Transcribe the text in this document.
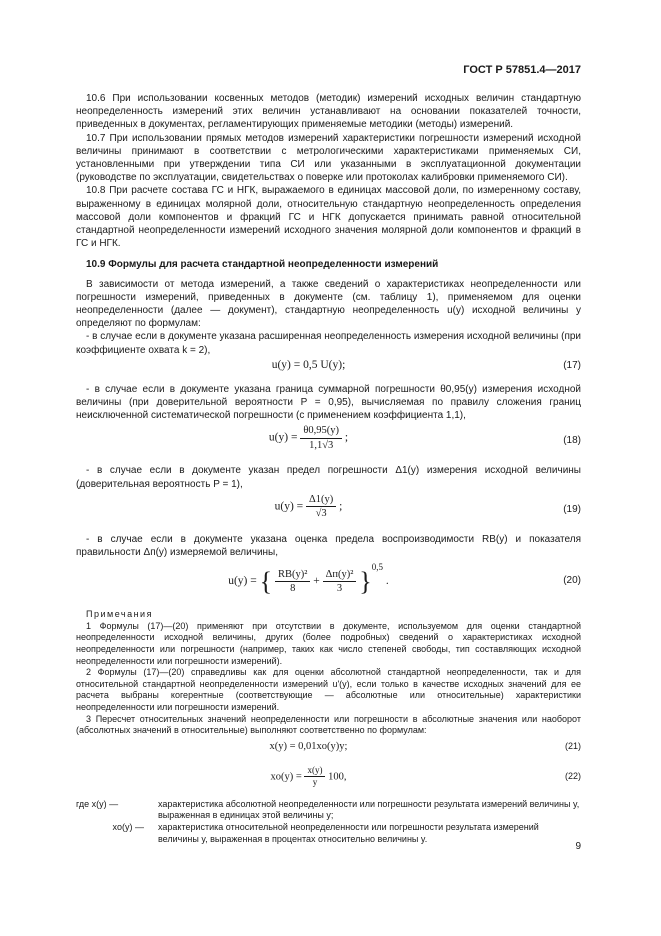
ГОСТ Р 57851.4—2017

10.6 При использовании косвенных методов (методик) измерений исходных величин стандартную неопределенность измерений этих величин устанавливают на основании показателей точности, приведенных в документах, регламентирующих применяемые методики (методы) измерений.

10.7 При использовании прямых методов измерений характеристики погрешности измерений исходной величины принимают в соответствии с метрологическими характеристиками применяемых СИ, установленными при утверждении типа СИ или указанными в эксплуатационной документации (руководстве по эксплуатации, свидетельствах о поверке или протоколах калибровки применяемого СИ).

10.8 При расчете состава ГС и НГК, выражаемого в единицах массовой доли, по измеренному составу, выраженному в единицах молярной доли, относительную стандартную неопределенность определения массовой доли компонентов и фракций ГС и НГК допускается принимать равной относительной стандартной неопределенности измерений исходного значения молярной доли компонентов и фракций в ГС и НГК.

10.9 Формулы для расчета стандартной неопределенности измерений

В зависимости от метода измерений, а также сведений о характеристиках неопределенности или погрешности измерений, приведенных в документе (см. таблицу 1), применяемом для оценки неопределенности (далее — документ), стандартную неопределенность u(y) исходной величины y определяют по формулам:

- в случае если в документе указана расширенная неопределенность измерения исходной величины (при коэффициенте охвата k = 2),

u(y) = 0,5 U(y);	(17)

- в случае если в документе указана граница суммарной погрешности θ0,95(y) измерения исходной величины (при доверительной вероятности P = 0,95), вычисляемая по правилу сложения границ неисключенной систематической погрешности (с применением коэффициента 1,1),

$u(y) = \frac{\theta 0,95(y)}{1,1√3}$ ;	(18)

- в случае если в документе указан предел погрешности Δ1(y) измерения исходной величины (доверительная вероятность P = 1),

$u(y) = \frac{\Delta 1(y)}{√3}$ ;	(19)

- в случае если в документе указана оценка предела воспроизводимости RВ(y) и показателя правильности Δп(y) измеряемой величины,

u(y) = { $\frac{\text{RВ(y)²}}{8} + \frac{\text{Δп(y)²}}{3} \}^{0,5}$ .	(20)

Примечания

1 Формулы (17)—(20) применяют при отсутствии в документе, используемом для оценки стандартной неопределенности исходной величины, других (более подробных) сведений о характеристиках исходной неопределенности или погрешности (например, таких как число степеней свободы, тип составляющих исходной неопределенности или погрешности измерений).

2 Формулы (17)—(20) справедливы как для оценки абсолютной стандартной неопределенности, так и для относительной стандартной неопределенности измерений u'(y), если только в качестве исходных значений для ее расчета выбраны когерентные (соответствующие — абсолютные или относительные) характеристики неопределенности или погрешности измерений.

3 Пересчет относительных значений неопределенности или погрешности в абсолютные значения или наоборот (абсолютных значений в относительные) выполняют соответственно по формулам:

x(y) = 0,01xo(y)y;	(21)
$xo(y) = \frac{x(y)}{y} 100$,	(22)
где x(y) —	характеристика абсолютной неопределенности или погрешности результата измерений величины y, выраженная в единицах этой величины y;
xo(y) —	характеристика относительной неопределенности или погрешности результата измерений величины y, выраженная в процентах относительно величины y.
9
